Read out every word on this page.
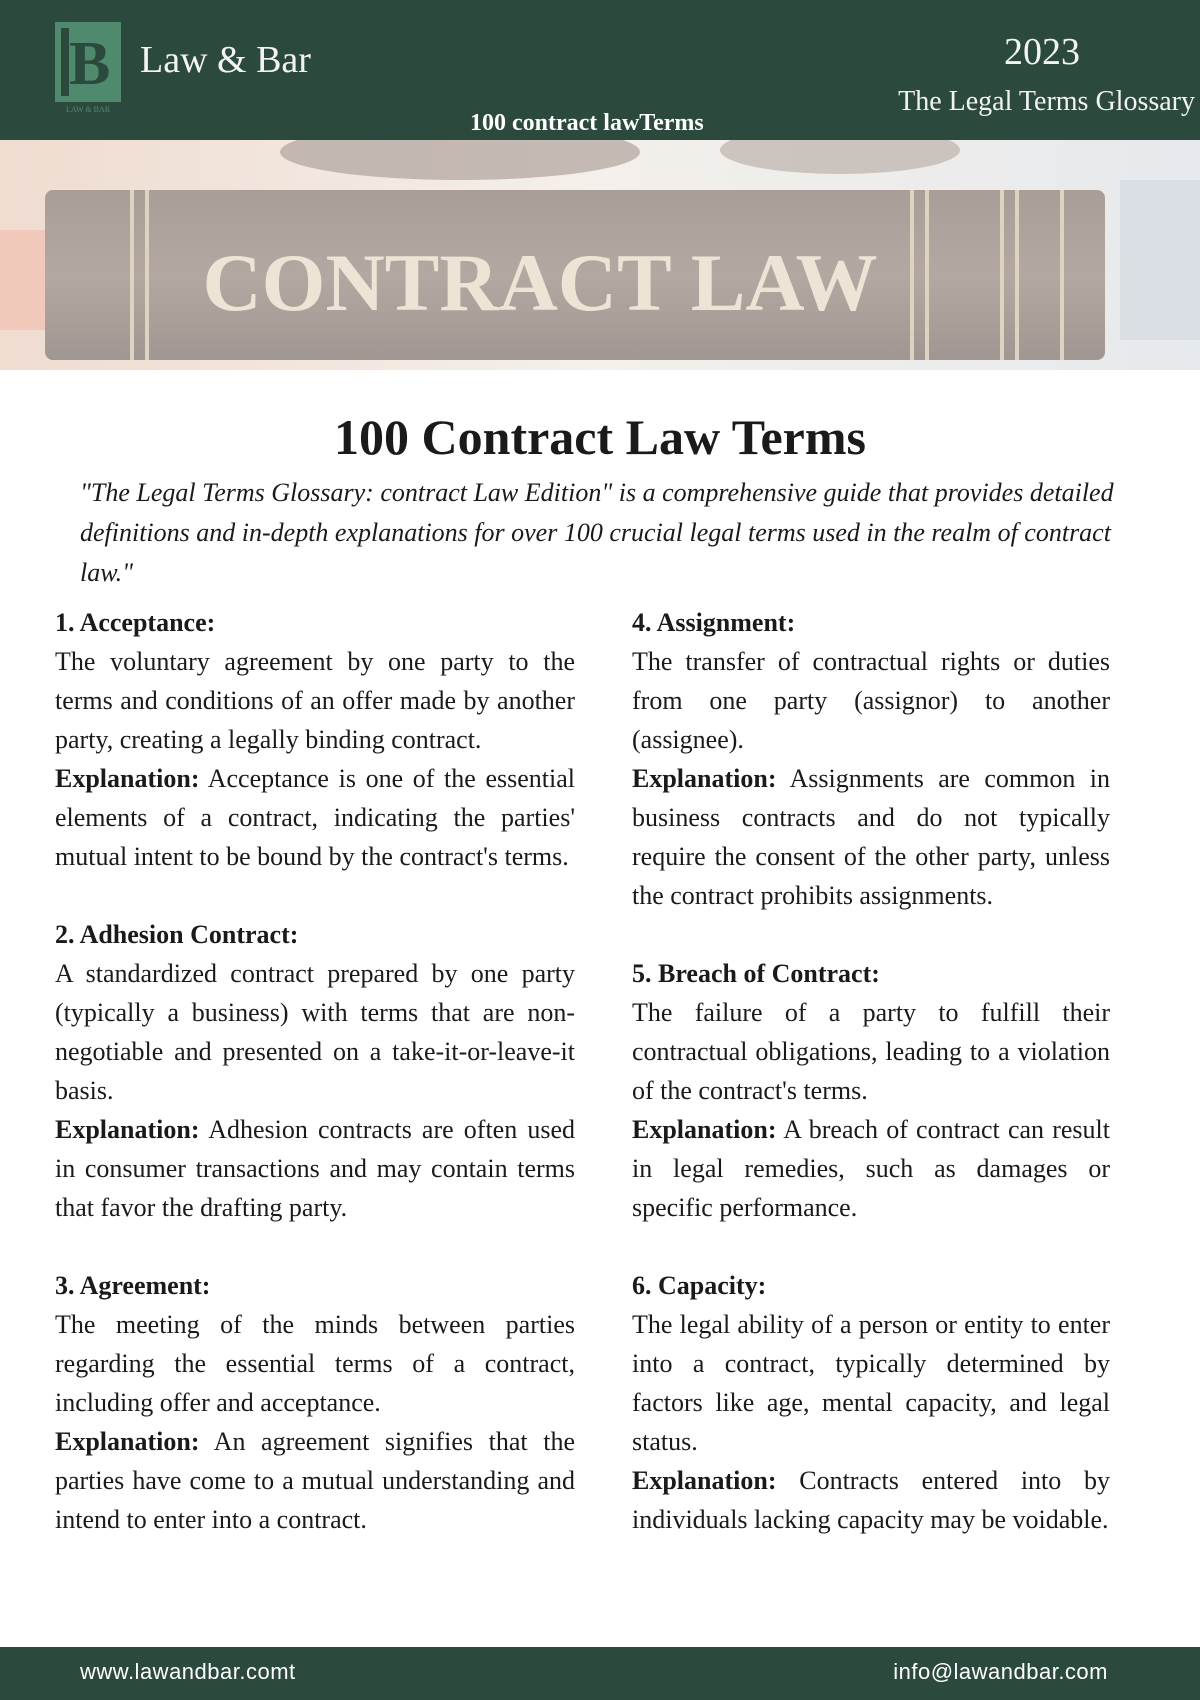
B
LAW & BAR
Law & Bar	2023
The Legal Terms Glossary
100 contract lawTerms
CONTRACT LAW
100 Contract Law Terms

"The Legal Terms Glossary: contract Law Edition" is a comprehensive guide that provides detailed definitions and in-depth explanations for over 100 crucial legal terms used in the realm of contract law."

1. Acceptance:

The voluntary agreement by one party to the terms and conditions of an offer made by another party, creating a legally binding contract.

Explanation: Acceptance is one of the essential elements of a contract, indicating the parties' mutual intent to be bound by the contract's terms.

2. Adhesion Contract:

A standardized contract prepared by one party (typically a business) with terms that are non-negotiable and presented on a take-it-or-leave-it basis.

Explanation: Adhesion contracts are often used in consumer transactions and may contain terms that favor the drafting party.

3. Agreement:

The meeting of the minds between parties regarding the essential terms of a contract, including offer and acceptance.

Explanation: An agreement signifies that the parties have come to a mutual understanding and intend to enter into a contract.

4. Assignment:

The transfer of contractual rights or duties from one party (assignor) to another (assignee).

Explanation: Assignments are common in business contracts and do not typically require the consent of the other party, unless the contract prohibits assignments.

5. Breach of Contract:

The failure of a party to fulfill their contractual obligations, leading to a violation of the contract's terms.

Explanation: A breach of contract can result in legal remedies, such as damages or specific performance.

6. Capacity:

The legal ability of a person or entity to enter into a contract, typically determined by factors like age, mental capacity, and legal status.

Explanation: Contracts entered into by individuals lacking capacity may be voidable.

www.lawandbar.comt	info@lawandbar.com
